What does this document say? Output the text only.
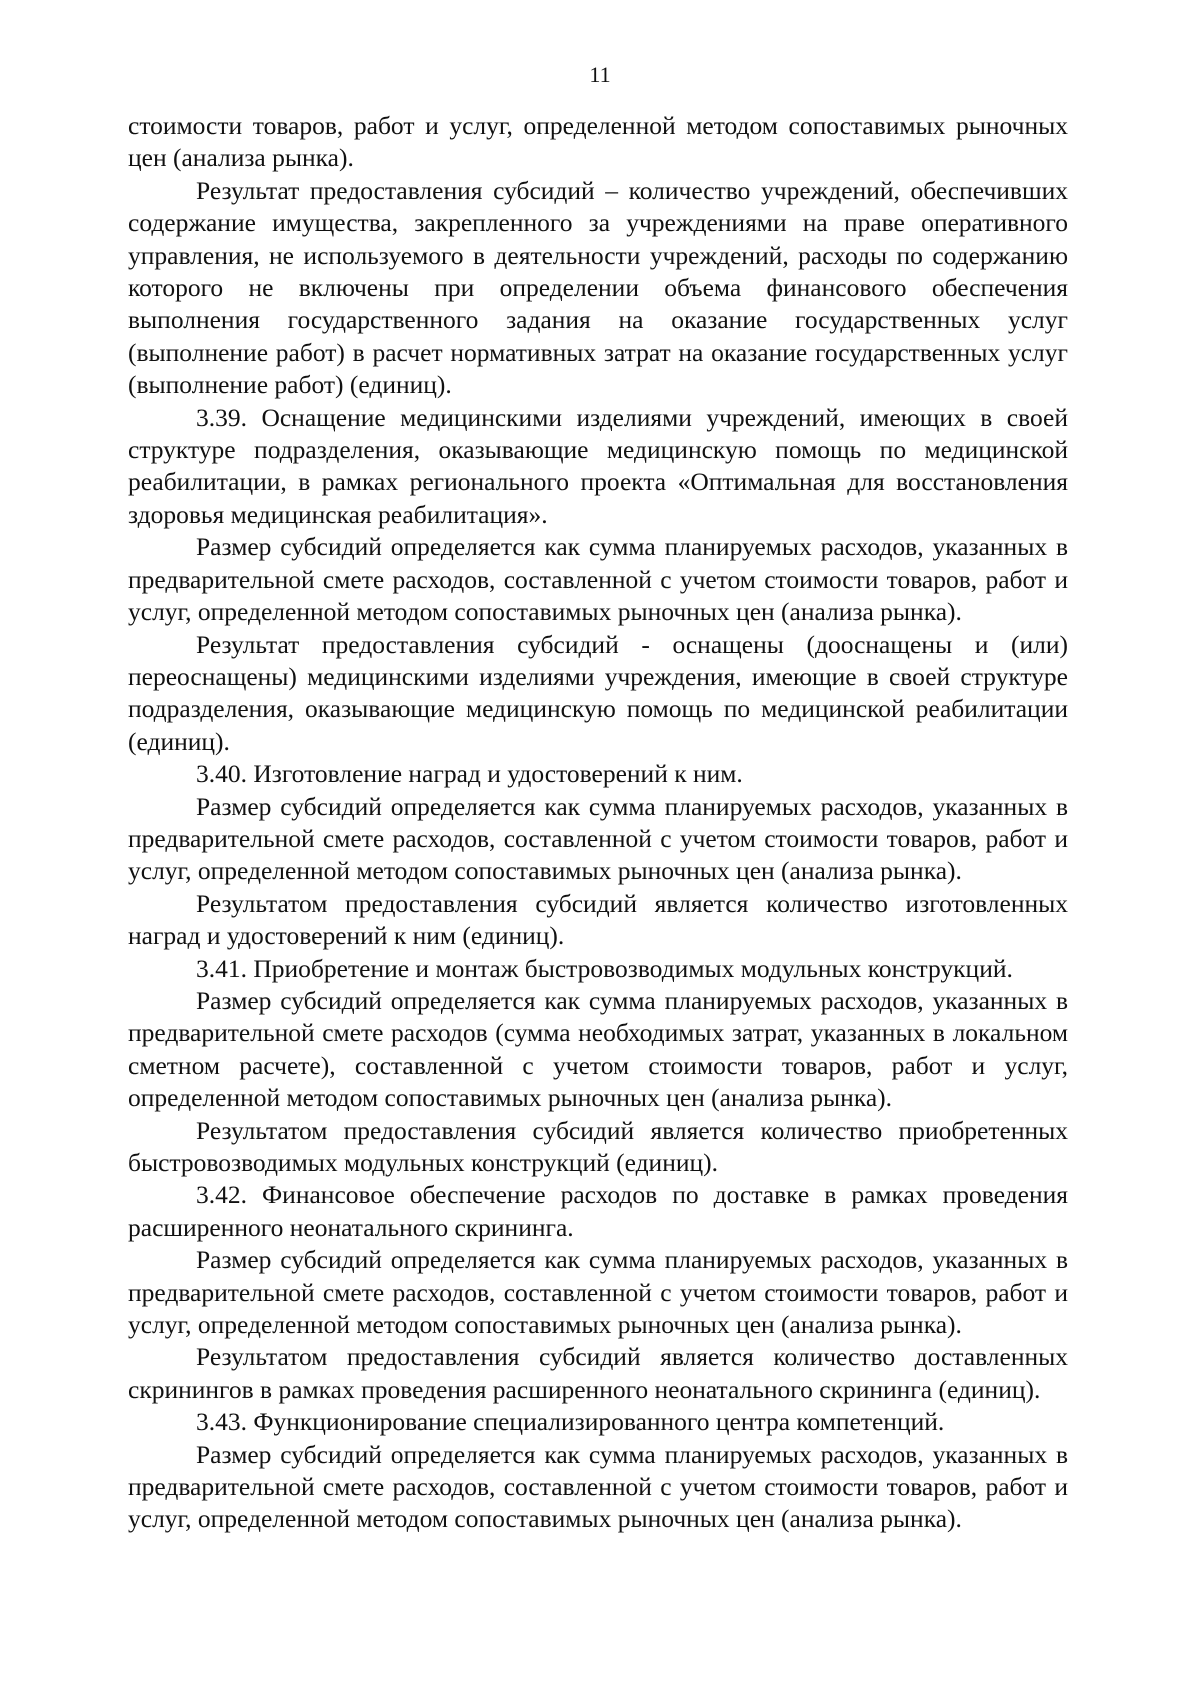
11

стоимости товаров, работ и услуг, определенной методом сопоставимых рыночных цен (анализа рынка).

Результат предоставления субсидий – количество учреждений, обеспечивших содержание имущества, закрепленного за учреждениями на праве оперативного управления, не используемого в деятельности учреждений, расходы по содержанию которого не включены при определении объема финансового обеспечения выполнения государственного задания на оказание государственных услуг (выполнение работ) в расчет нормативных затрат на оказание государственных услуг (выполнение работ) (единиц).

3.39. Оснащение медицинскими изделиями учреждений, имеющих в своей структуре подразделения, оказывающие медицинскую помощь по медицинской реабилитации, в рамках регионального проекта «Оптимальная для восстановления здоровья медицинская реабилитация».

Размер субсидий определяется как сумма планируемых расходов, указанных в предварительной смете расходов, составленной с учетом стоимости товаров, работ и услуг, определенной методом сопоставимых рыночных цен (анализа рынка).

Результат предоставления субсидий - оснащены (дооснащены и (или) переоснащены) медицинскими изделиями учреждения, имеющие в своей структуре подразделения, оказывающие медицинскую помощь по медицинской реабилитации (единиц).

3.40. Изготовление наград и удостоверений к ним.

Размер субсидий определяется как сумма планируемых расходов, указанных в предварительной смете расходов, составленной с учетом стоимости товаров, работ и услуг, определенной методом сопоставимых рыночных цен (анализа рынка).

Результатом предоставления субсидий является количество изготовленных наград и удостоверений к ним (единиц).

3.41. Приобретение и монтаж быстровозводимых модульных конструкций.

Размер субсидий определяется как сумма планируемых расходов, указанных в предварительной смете расходов (сумма необходимых затрат, указанных в локальном сметном расчете), составленной с учетом стоимости товаров, работ и услуг, определенной методом сопоставимых рыночных цен (анализа рынка).

Результатом предоставления субсидий является количество приобретенных быстровозводимых модульных конструкций (единиц).

3.42. Финансовое обеспечение расходов по доставке в рамках проведения расширенного неонатального скрининга.

Размер субсидий определяется как сумма планируемых расходов, указанных в предварительной смете расходов, составленной с учетом стоимости товаров, работ и услуг, определенной методом сопоставимых рыночных цен (анализа рынка).

Результатом предоставления субсидий является количество доставленных скринингов в рамках проведения расширенного неонатального скрининга (единиц).

3.43. Функционирование специализированного центра компетенций.

Размер субсидий определяется как сумма планируемых расходов, указанных в предварительной смете расходов, составленной с учетом стоимости товаров, работ и услуг, определенной методом сопоставимых рыночных цен (анализа рынка).
